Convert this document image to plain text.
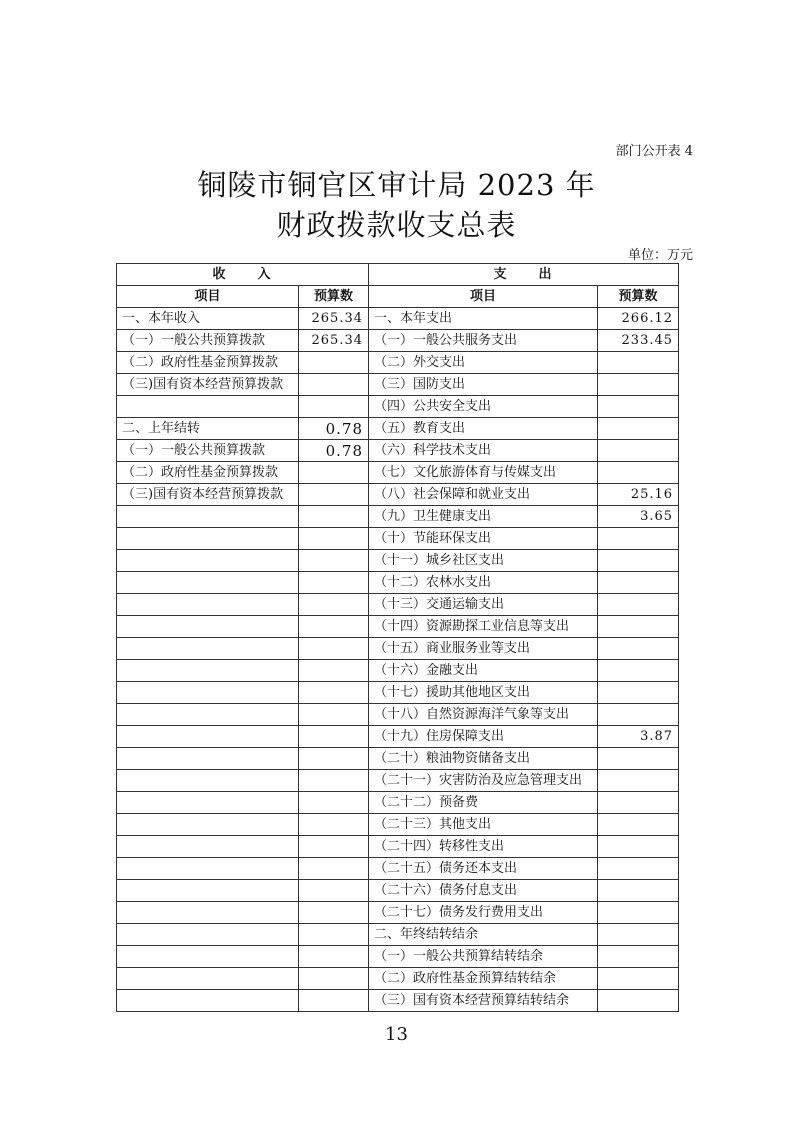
部门公开表 4
铜陵市铜官区审计局 2023 年
财政拨款收支总表
单位：万元
收　　入		支　　出	
项目	预算数	项目	预算数
一、本年收入	265.34	一、本年支出	266.12
（一）一般公共预算拨款	265.34	（一）一般公共服务支出	233.45
（二）政府性基金预算拨款		（二）外交支出	
（三)国有资本经营预算拨款		（三）国防支出	
		（四）公共安全支出	
二、上年结转	0.78	（五）教育支出	
（一）一般公共预算拨款	0.78	（六）科学技术支出	
（二）政府性基金预算拨款		（七）文化旅游体育与传媒支出	
（三)国有资本经营预算拨款		（八）社会保障和就业支出	25.16
		（九）卫生健康支出	3.65
		（十）节能环保支出	
		（十一）城乡社区支出	
		（十二）农林水支出	
		（十三）交通运输支出	
		（十四）资源勘探工业信息等支出	
		（十五）商业服务业等支出	
		（十六）金融支出	
		（十七）援助其他地区支出	
		（十八）自然资源海洋气象等支出	
		（十九）住房保障支出	3.87
		（二十）粮油物资储备支出	
		（二十一）灾害防治及应急管理支出	
		（二十二）预备费	
		（二十三）其他支出	
		（二十四）转移性支出	
		（二十五）债务还本支出	
		（二十六）债务付息支出	
		（二十七）债务发行费用支出	
		二、年终结转结余	
		（一）一般公共预算结转结余	
		（二）政府性基金预算结转结余	
		（三）国有资本经营预算结转结余	
13
